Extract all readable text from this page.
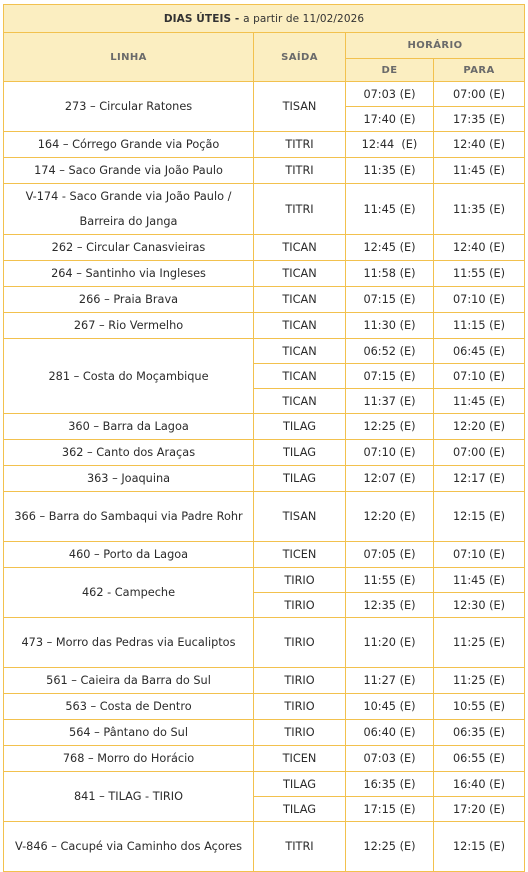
DIAS ÚTEIS - a partir de 11/02/2026			
LINHA	SAÍDA	HORÁRIO	
		DE	PARA
273 – Circular Ratones	TISAN	07:03 (E)	07:00 (E)
		17:40 (E)	17:35 (E)
164 – Córrego Grande via Poção	TITRI	12:44  (E)	12:40 (E)
174 – Saco Grande via João Paulo	TITRI	11:35 (E)	11:45 (E)
V-174 - Saco Grande via João Paulo / Barreira do Janga	TITRI	11:45 (E)	11:35 (E)
262 – Circular Canasvieiras	TICAN	12:45 (E)	12:40 (E)
264 – Santinho via Ingleses	TICAN	11:58 (E)	11:55 (E)
266 – Praia Brava	TICAN	07:15 (E)	07:10 (E)
267 – Rio Vermelho	TICAN	11:30 (E)	11:15 (E)
281 – Costa do Moçambique	TICAN	06:52 (E)	06:45 (E)
	TICAN	07:15 (E)	07:10 (E)
	TICAN	11:37 (E)	11:45 (E)
360 – Barra da Lagoa	TILAG	12:25 (E)	12:20 (E)
362 – Canto dos Araças	TILAG	07:10 (E)	07:00 (E)
363 – Joaquina	TILAG	12:07 (E)	12:17 (E)
366 – Barra do Sambaqui via Padre Rohr	TISAN	12:20 (E)	12:15 (E)
460 – Porto da Lagoa	TICEN	07:05 (E)	07:10 (E)
462 - Campeche	TIRIO	11:55 (E)	11:45 (E)
	TIRIO	12:35 (E)	12:30 (E)
473 – Morro das Pedras via Eucaliptos	TIRIO	11:20 (E)	11:25 (E)
561 – Caieira da Barra do Sul	TIRIO	11:27 (E)	11:25 (E)
563 – Costa de Dentro	TIRIO	10:45 (E)	10:55 (E)
564 – Pântano do Sul	TIRIO	06:40 (E)	06:35 (E)
768 – Morro do Horácio	TICEN	07:03 (E)	06:55 (E)
841 – TILAG - TIRIO	TILAG	16:35 (E)	16:40 (E)
	TILAG	17:15 (E)	17:20 (E)
V-846 – Cacupé via Caminho dos Açores	TITRI	12:25 (E)	12:15 (E)
